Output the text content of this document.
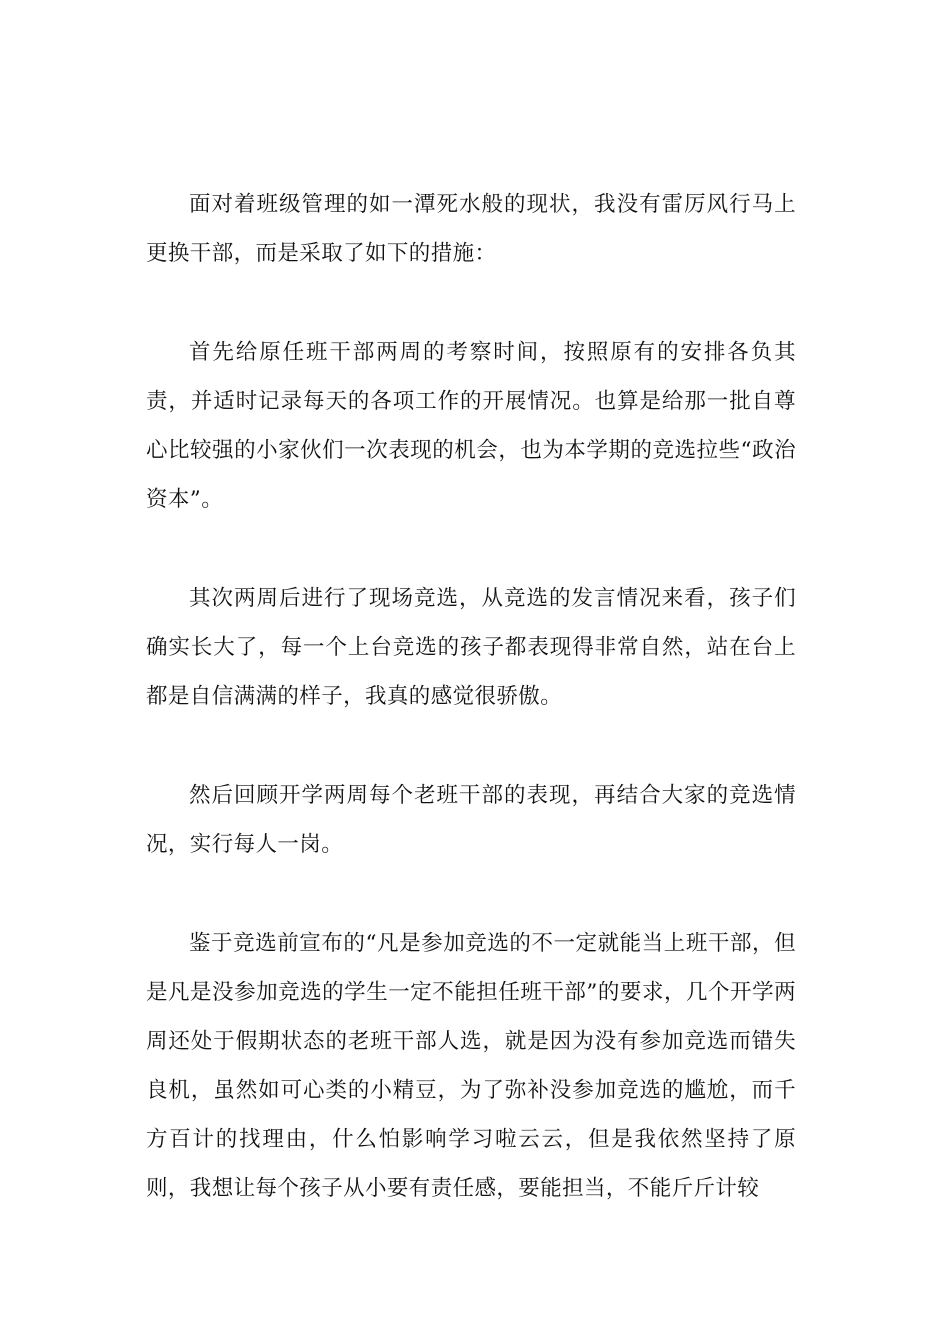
面对着班级管理的如一潭死水般的现状，我没有雷厉风行马上更换干部，而是采取了如下的措施：

首先给原任班干部两周的考察时间，按照原有的安排各负其责，并适时记录每天的各项工作的开展情况。也算是给那一批自尊心比较强的小家伙们一次表现的机会，也为本学期的竞选拉些“政治资本”。

其次两周后进行了现场竞选，从竞选的发言情况来看，孩子们确实长大了，每一个上台竞选的孩子都表现得非常自然，站在台上都是自信满满的样子，我真的感觉很骄傲。

然后回顾开学两周每个老班干部的表现，再结合大家的竞选情况，实行每人一岗。

鉴于竞选前宣布的“凡是参加竞选的不一定就能当上班干部，但是凡是没参加竞选的学生一定不能担任班干部”的要求，几个开学两周还处于假期状态的老班干部人选，就是因为没有参加竞选而错失良机，虽然如可心类的小精豆，为了弥补没参加竞选的尴尬，而千方百计的找理由，什么怕影响学习啦云云，但是我依然坚持了原则，我想让每个孩子从小要有责任感，要能担当，不能斤斤计较
